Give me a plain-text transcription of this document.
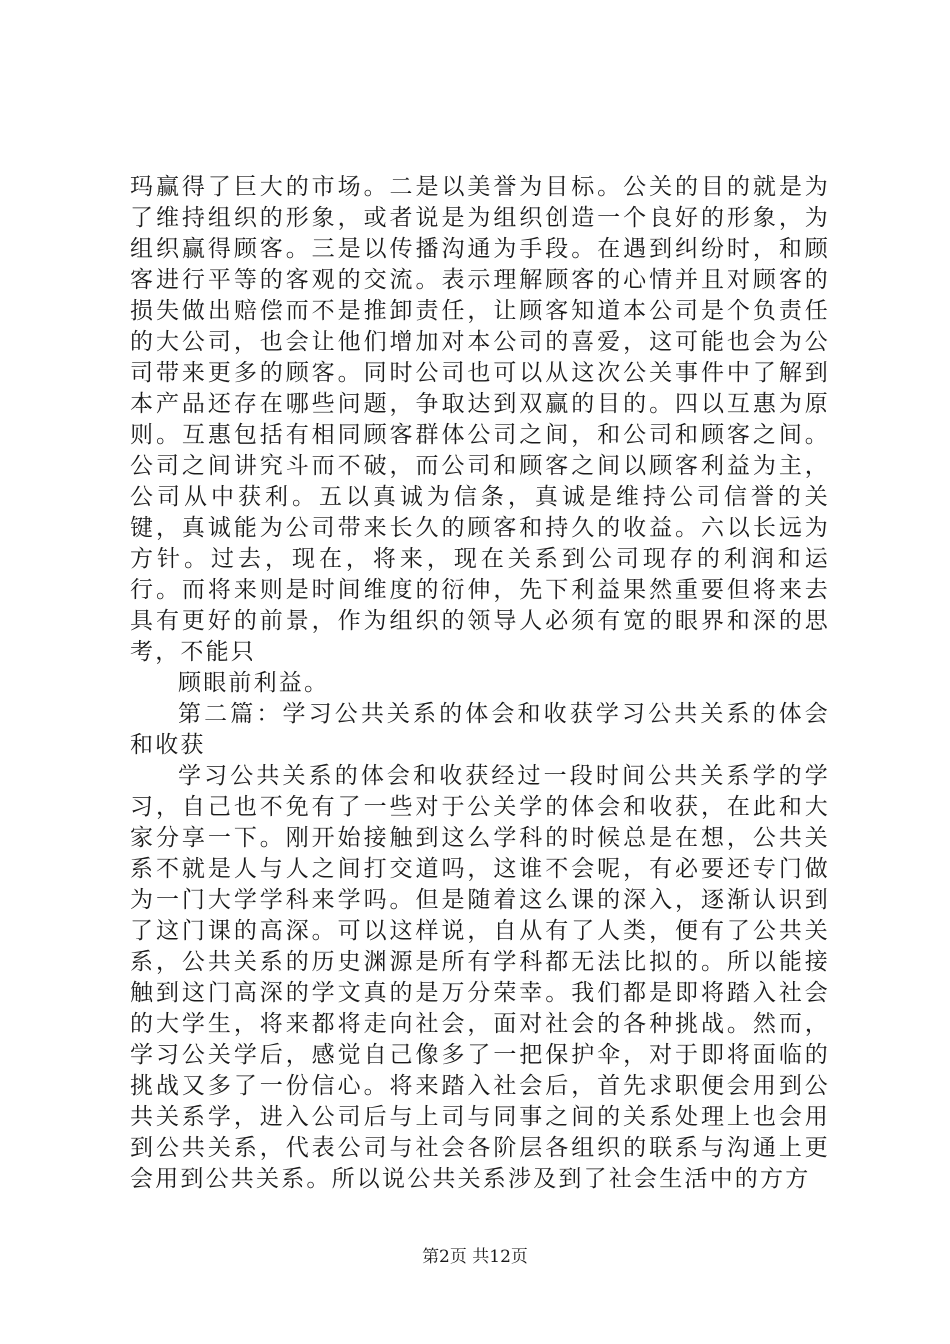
玛赢得了巨大的市场。二是以美誉为目标。公关的目的就是为了维持组织的形象，或者说是为组织创造一个良好的形象，为组织赢得顾客。三是以传播沟通为手段。在遇到纠纷时，和顾客进行平等的客观的交流。表示理解顾客的心情并且对顾客的损失做出赔偿而不是推卸责任，让顾客知道本公司是个负责任的大公司，也会让他们增加对本公司的喜爱，这可能也会为公司带来更多的顾客。同时公司也可以从这次公关事件中了解到本产品还存在哪些问题，争取达到双赢的目的。四以互惠为原则。互惠包括有相同顾客群体公司之间，和公司和顾客之间。公司之间讲究斗而不破，而公司和顾客之间以顾客利益为主，公司从中获利。五以真诚为信条，真诚是维持公司信誉的关键，真诚能为公司带来长久的顾客和持久的收益。六以长远为方针。过去，现在，将来，现在关系到公司现存的利润和运行。而将来则是时间维度的衍伸，先下利益果然重要但将来去具有更好的前景，作为组织的领导人必须有宽的眼界和深的思考，不能只

顾眼前利益。

第二篇：学习公共关系的体会和收获学习公共关系的体会和收获

学习公共关系的体会和收获经过一段时间公共关系学的学习，自己也不免有了一些对于公关学的体会和收获，在此和大家分享一下。刚开始接触到这么学科的时候总是在想，公共关系不就是人与人之间打交道吗，这谁不会呢，有必要还专门做为一门大学学科来学吗。但是随着这么课的深入，逐渐认识到了这门课的高深。可以这样说，自从有了人类，便有了公共关系，公共关系的历史渊源是所有学科都无法比拟的。所以能接触到这门高深的学文真的是万分荣幸。我们都是即将踏入社会的大学生，将来都将走向社会，面对社会的各种挑战。然而，学习公关学后，感觉自己像多了一把保护伞，对于即将面临的挑战又多了一份信心。将来踏入社会后，首先求职便会用到公共关系学，进入公司后与上司与同事之间的关系处理上也会用到公共关系，代表公司与社会各阶层各组织的联系与沟通上更会用到公共关系。所以说公共关系涉及到了社会生活中的方方

第2页 共12页
